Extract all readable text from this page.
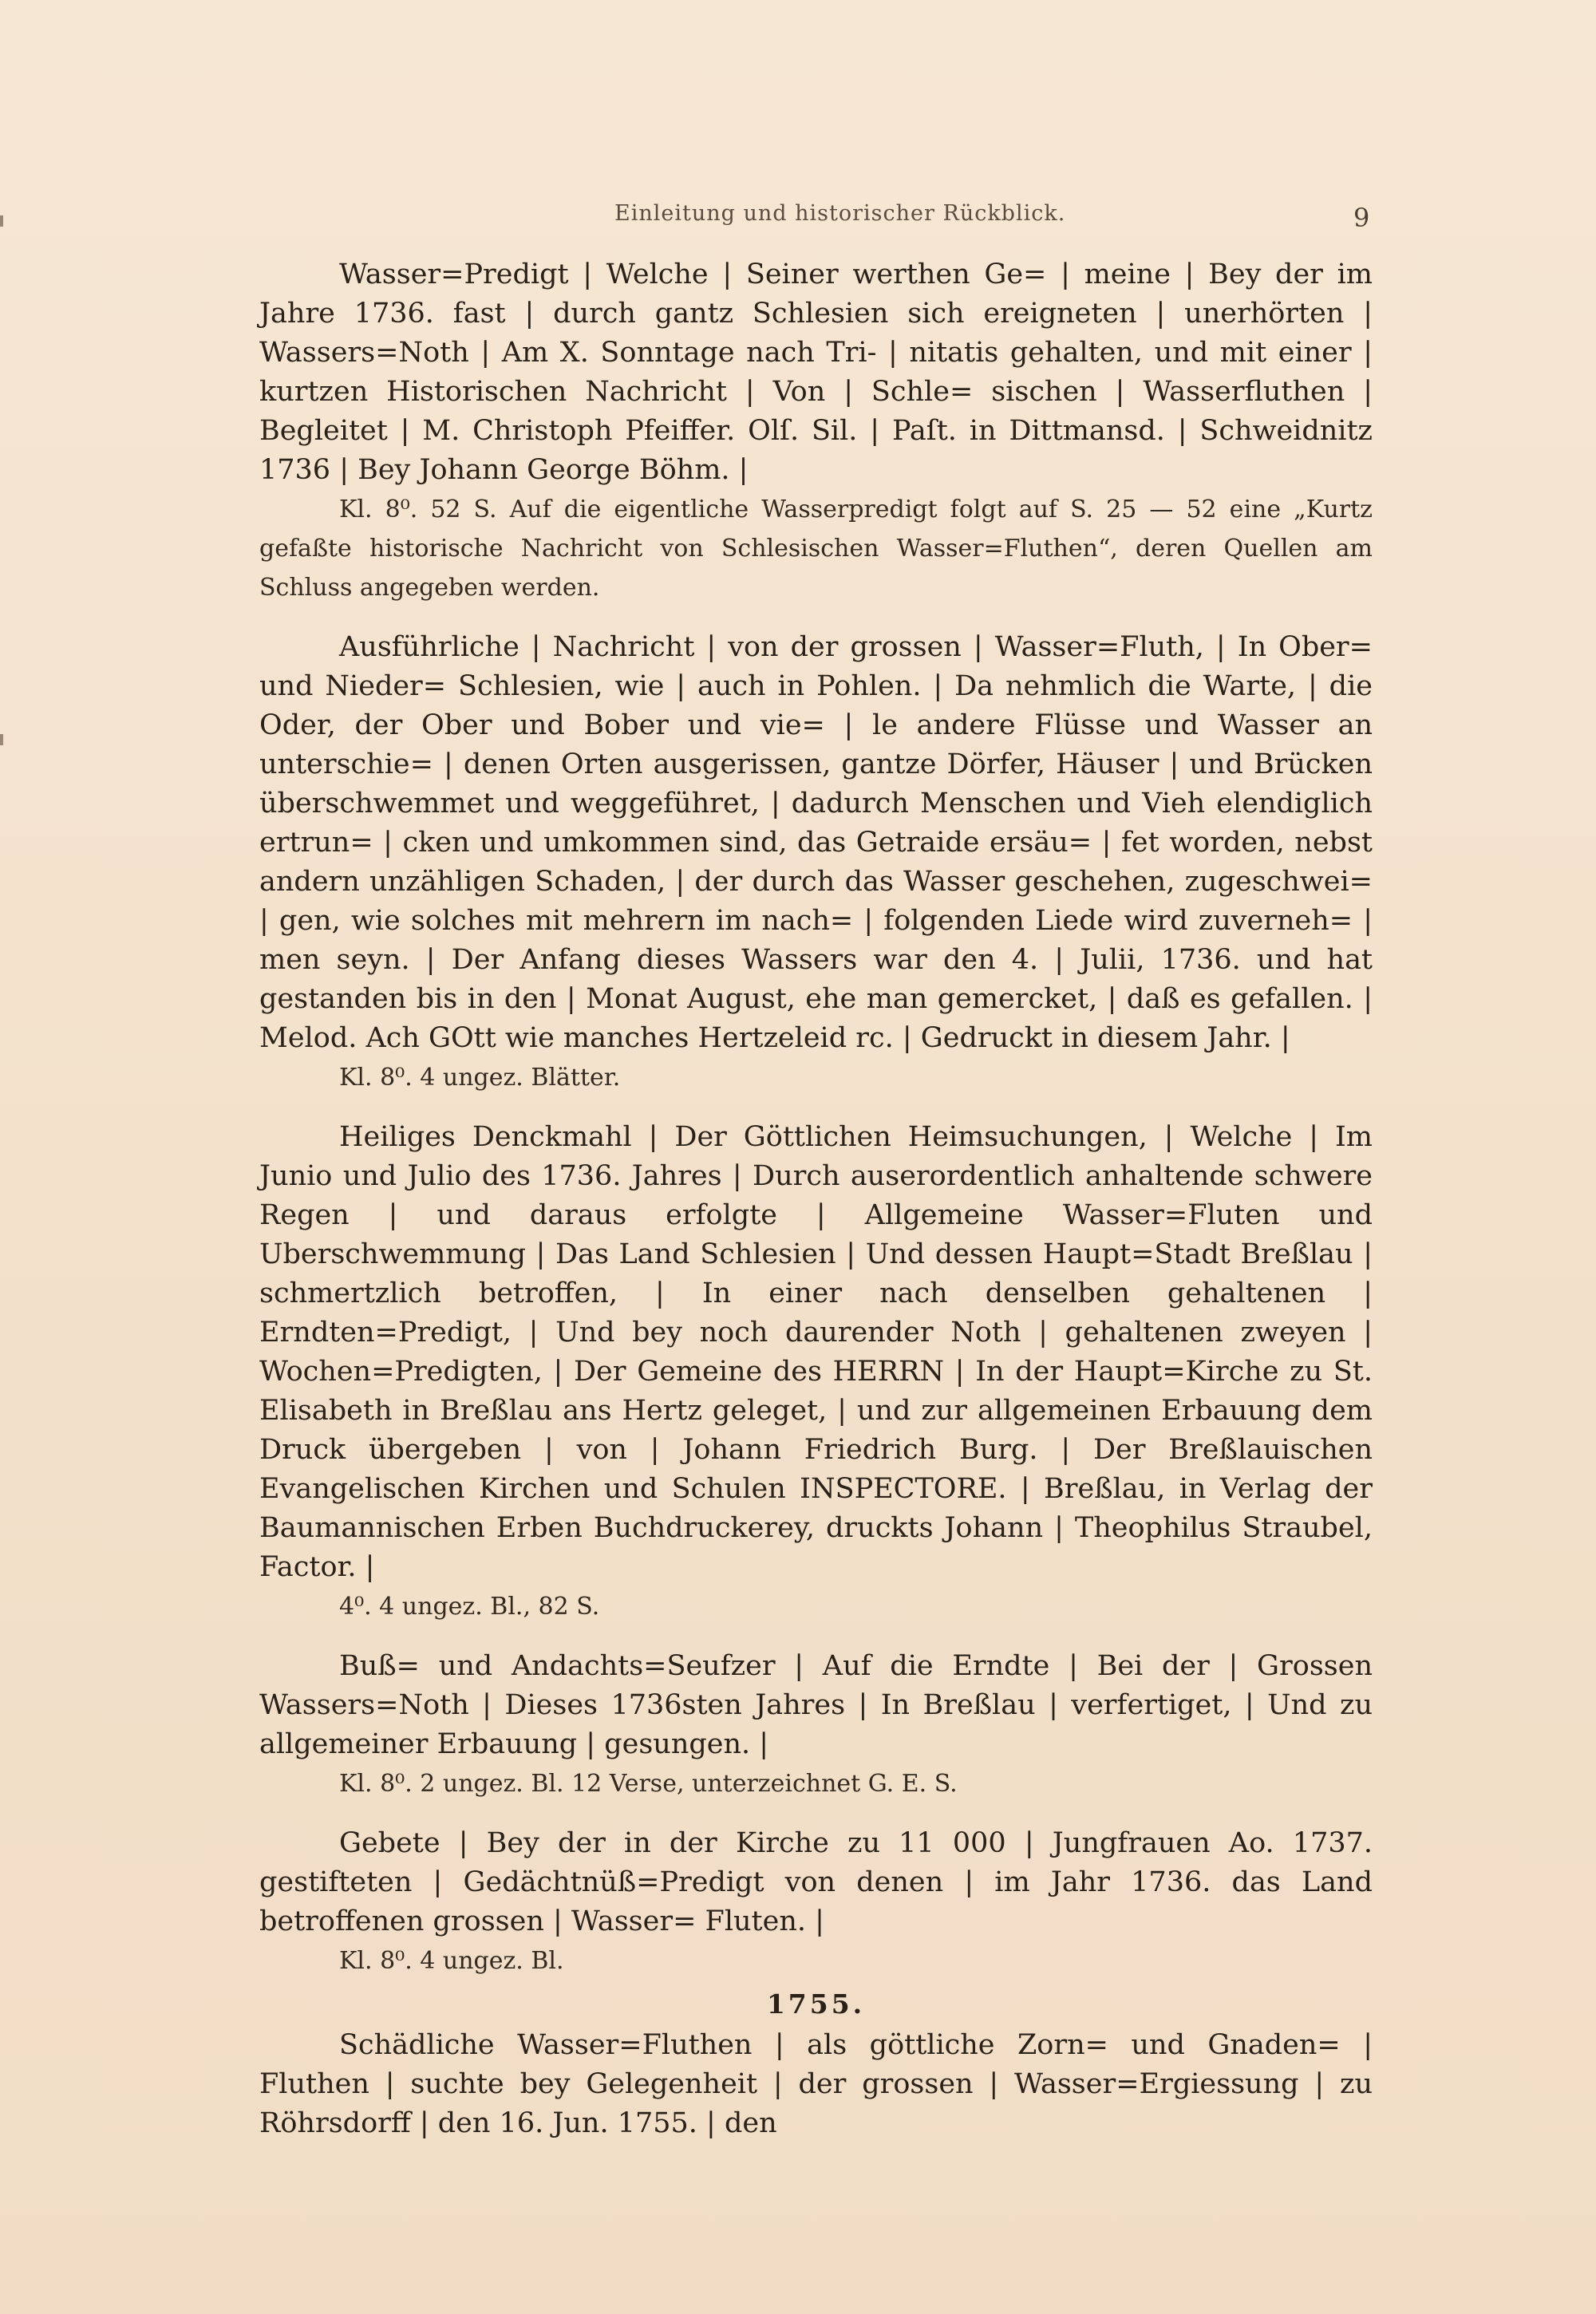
Einleitung und historischer Rückblick.	9

Wasser=Predigt | Welche | Seiner werthen Ge= | meine | Bey der im Jahre 1736. fast | durch gantz Schlesien sich ereigneten | unerhörten | Wassers=Noth | Am X. Sonntage nach Tri- | nitatis gehalten, und mit einer | kurtzen Historischen Nachricht | Von | Schle= sischen | Wasserfluthen | Begleitet | M. Christoph Pfeiffer. Olſ. Sil. | Paſt. in Dittmansd. | Schweidnitz 1736 | Bey Johann George Böhm. |

Kl. 8⁰. 52 S. Auf die eigentliche Wasserpredigt folgt auf S. 25 — 52 eine „Kurtz gefaßte historische Nachricht von Schlesischen Wasser=Fluthen“, deren Quellen am Schluss angegeben werden.

Ausführliche | Nachricht | von der grossen | Wasser=Fluth, | In Ober= und Nieder= Schlesien, wie | auch in Pohlen. | Da nehmlich die Warte, | die Oder, der Ober und Bober und vie= | le andere Flüsse und Wasser an unterschie= | denen Orten ausgerissen, gantze Dörfer, Häuser | und Brücken überschwemmet und weggeführet, | dadurch Menschen und Vieh elendiglich ertrun= | cken und umkommen sind, das Getraide ersäu= | fet worden, nebst andern unzähligen Schaden, | der durch das Wasser geschehen, zugeschwei= | gen, wie solches mit mehrern im nach= | folgenden Liede wird zuverneh= | men seyn. | Der Anfang dieses Wassers war den 4. | Julii, 1736. und hat gestanden bis in den | Monat August, ehe man gemercket, | daß es gefallen. | Melod. Ach GOtt wie manches Hertzeleid rc. | Gedruckt in diesem Jahr. |

Kl. 8⁰. 4 ungez. Blätter.

Heiliges Denckmahl | Der Göttlichen Heimsuchungen, | Welche | Im Junio und Julio des 1736. Jahres | Durch auserordentlich anhaltende schwere Regen | und daraus erfolgte | Allgemeine Wasser=Fluten und Uberschwemmung | Das Land Schlesien | Und dessen Haupt=Stadt Breßlau | schmertzlich betroffen, | In einer nach denselben gehaltenen | Erndten=Predigt, | Und bey noch daurender Noth | gehaltenen zweyen | Wochen=Predigten, | Der Gemeine des HERRN | In der Haupt=Kirche zu St. Elisabeth in Breßlau ans Hertz geleget, | und zur allgemeinen Erbauung dem Druck übergeben | von | Johann Friedrich Burg. | Der Breßlauischen Evangelischen Kirchen und Schulen INSPECTORE. | Breßlau, in Verlag der Baumannischen Erben Buchdruckerey, druckts Johann | Theophilus Straubel, Factor. |

4⁰. 4 ungez. Bl., 82 S.

Buß= und Andachts=Seufzer | Auf die Erndte | Bei der | Grossen Wassers=Noth | Dieses 1736sten Jahres | In Breßlau | verfertiget, | Und zu allgemeiner Erbauung | gesungen. |

Kl. 8⁰. 2 ungez. Bl. 12 Verse, unterzeichnet G. E. S.

Gebete | Bey der in der Kirche zu 11 000 | Jungfrauen Ao. 1737. gestifteten | Gedächtnüß=Predigt von denen | im Jahr 1736. das Land betroffenen grossen | Wasser= Fluten. |

Kl. 8⁰. 4 ungez. Bl.

1755.

Schädliche Wasser=Fluthen | als göttliche Zorn= und Gnaden= | Fluthen | suchte bey Gelegenheit | der grossen | Wasser=Ergiessung | zu Röhrsdorff | den 16. Jun. 1755. | den
